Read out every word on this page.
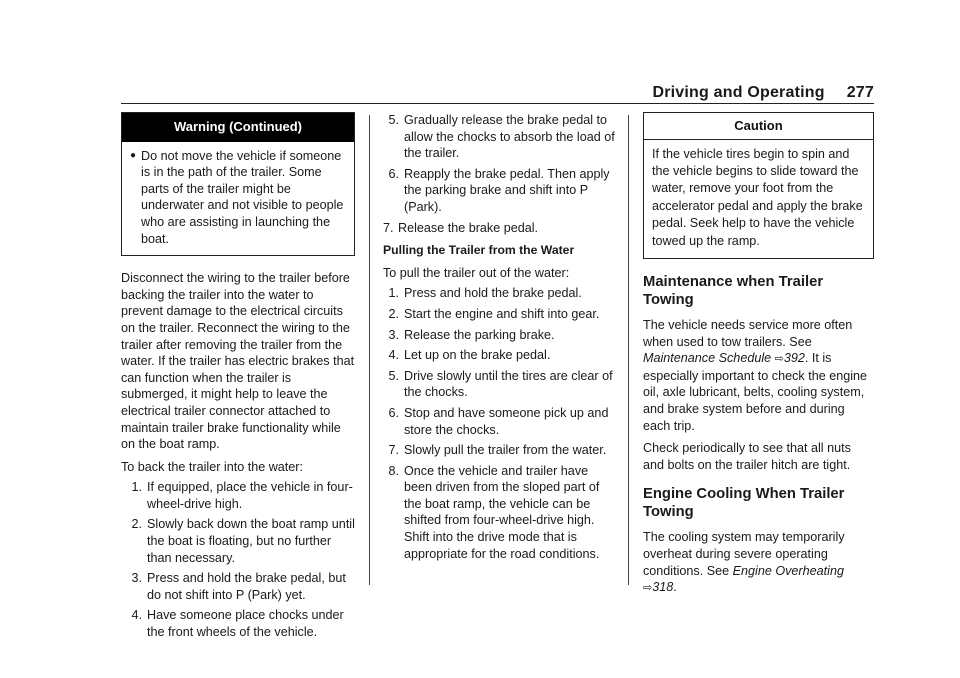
Driving and Operating 277
Warning (Continued)
● Do not move the vehicle if someone is in the path of the trailer. Some parts of the trailer might be underwater and not visible to people who are assisting in launching the boat.

Disconnect the wiring to the trailer before backing the trailer into the water to prevent damage to the electrical circuits on the trailer. Reconnect the wiring to the trailer after removing the trailer from the water. If the trailer has electric brakes that can function when the trailer is submerged, it might help to leave the electrical trailer connector attached to maintain trailer brake functionality while on the boat ramp.

To back the trailer into the water:

1. If equipped, place the vehicle in four-wheel-drive high.
2. Slowly back down the boat ramp until the boat is floating, but no further than necessary.
3. Press and hold the brake pedal, but do not shift into P (Park) yet.
4. Have someone place chocks under the front wheels of the vehicle.
5. Gradually release the brake pedal to allow the chocks to absorb the load of the trailer.
6. Reapply the brake pedal. Then apply the parking brake and shift into P (Park).
7. Release the brake pedal.
Pulling the Trailer from the Water

To pull the trailer out of the water:

1. Press and hold the brake pedal.
2. Start the engine and shift into gear.
3. Release the parking brake.
4. Let up on the brake pedal.
5. Drive slowly until the tires are clear of the chocks.
6. Stop and have someone pick up and store the chocks.
7. Slowly pull the trailer from the water.
8. Once the vehicle and trailer have been driven from the sloped part of the boat ramp, the vehicle can be shifted from four-wheel-drive high. Shift into the drive mode that is appropriate for the road conditions.
Caution
If the vehicle tires begin to spin and the vehicle begins to slide toward the water, remove your foot from the accelerator pedal and apply the brake pedal. Seek help to have the vehicle towed up the ramp.
Maintenance when Trailer Towing

The vehicle needs service more often when used to tow trailers. See Maintenance Schedule ⇨392. It is especially important to check the engine oil, axle lubricant, belts, cooling system, and brake system before and during each trip.

Check periodically to see that all nuts and bolts on the trailer hitch are tight.

Engine Cooling When Trailer Towing

The cooling system may temporarily overheat during severe operating conditions. See Engine Overheating ⇨318.
